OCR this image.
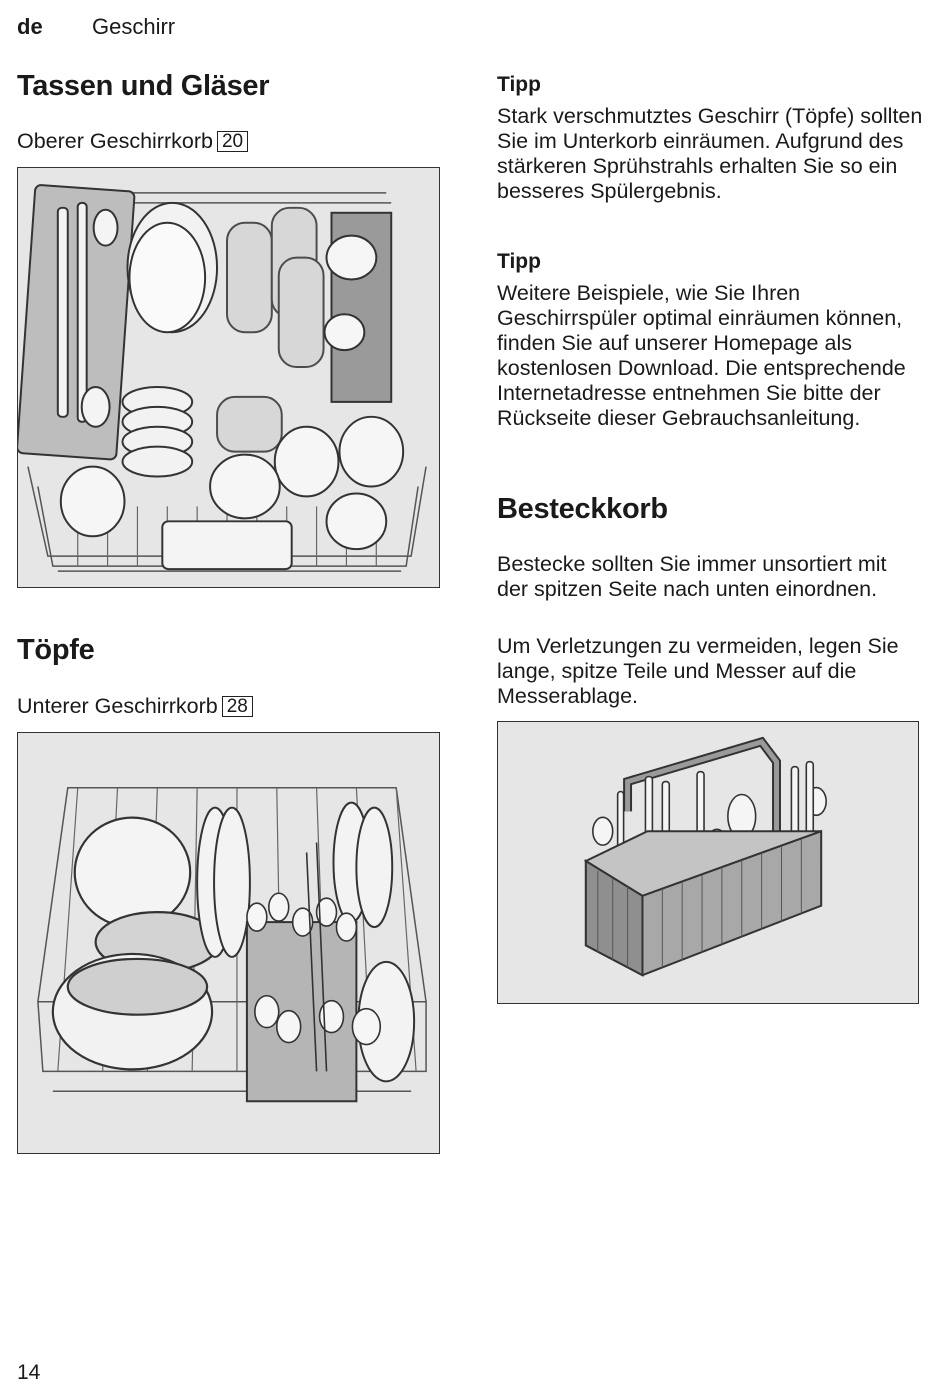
de Geschirr
Tassen und Gläser
Oberer Geschirrkorb 20
Töpfe
Unterer Geschirrkorb 28
Tipp
Stark verschmutztes Geschirr (Töpfe) sollten Sie im Unterkorb einräumen. Aufgrund des stärkeren Sprühstrahls erhalten Sie so ein besseres Spülergebnis.
Tipp
Weitere Beispiele, wie Sie Ihren Geschirrspüler optimal einräumen können, finden Sie auf unserer Homepage als kostenlosen Download. Die entsprechende Internetadresse entnehmen Sie bitte der Rückseite dieser Gebrauchsanleitung.
Besteckkorb
Bestecke sollten Sie immer unsortiert mit der spitzen Seite nach unten einordnen.
Um Verletzungen zu vermeiden, legen Sie lange, spitze Teile und Messer auf die Messerablage.
14
